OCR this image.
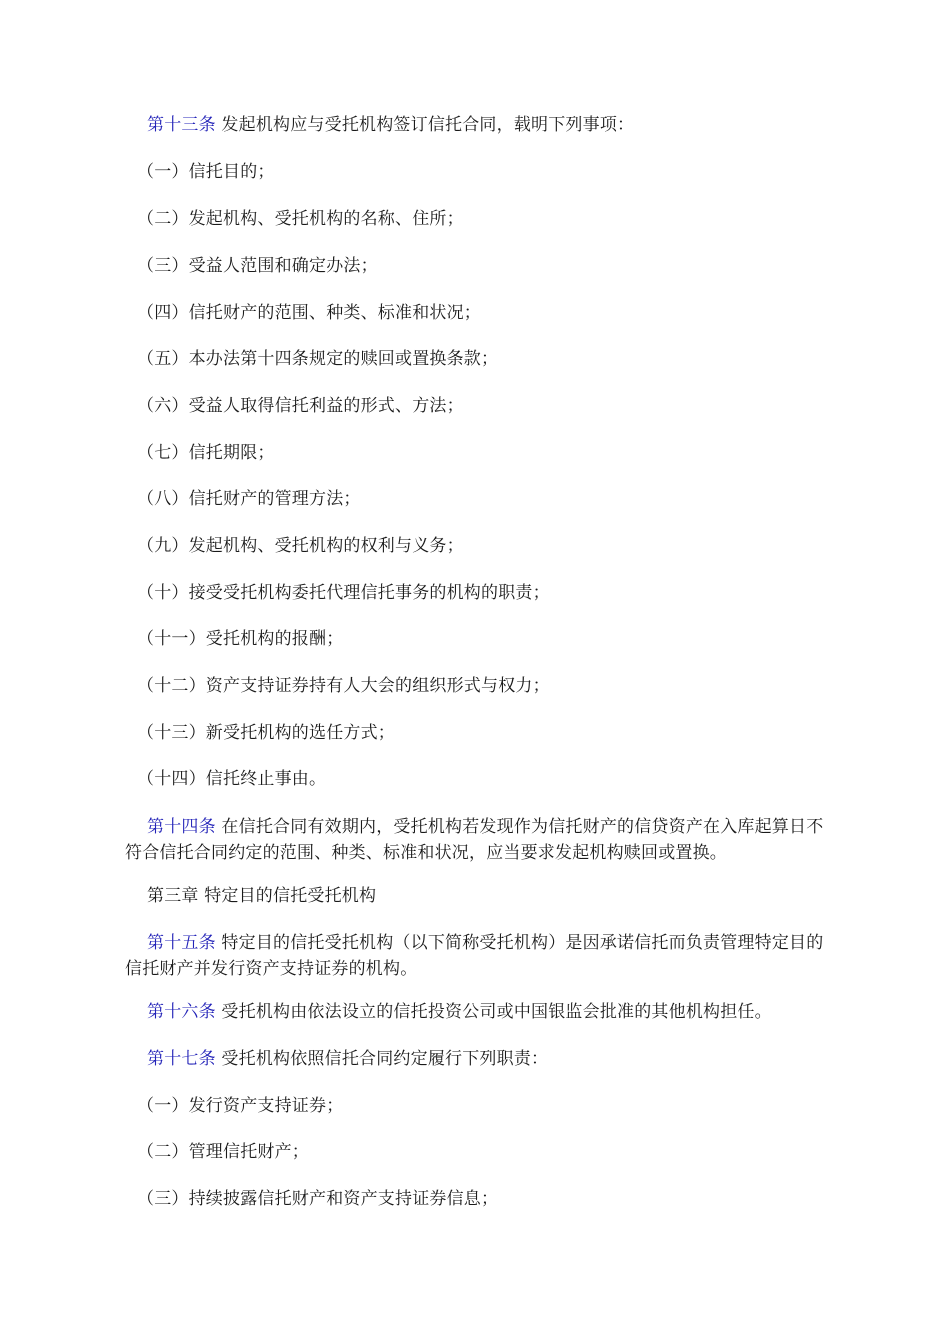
第十三条 发起机构应与受托机构签订信托合同，载明下列事项：
（一）信托目的；
（二）发起机构、受托机构的名称、住所；
（三）受益人范围和确定办法；
（四）信托财产的范围、种类、标准和状况；
（五）本办法第十四条规定的赎回或置换条款；
（六）受益人取得信托利益的形式、方法；
（七）信托期限；
（八）信托财产的管理方法；
（九）发起机构、受托机构的权利与义务；
（十）接受受托机构委托代理信托事务的机构的职责；
（十一）受托机构的报酬；
（十二）资产支持证券持有人大会的组织形式与权力；
（十三）新受托机构的选任方式；
（十四）信托终止事由。
第十四条 在信托合同有效期内，受托机构若发现作为信托财产的信贷资产在入库起算日不符合信托合同约定的范围、种类、标准和状况，应当要求发起机构赎回或置换。
第三章 特定目的信托受托机构
第十五条 特定目的信托受托机构（以下简称受托机构）是因承诺信托而负责管理特定目的信托财产并发行资产支持证券的机构。
第十六条 受托机构由依法设立的信托投资公司或中国银监会批准的其他机构担任。
第十七条 受托机构依照信托合同约定履行下列职责：
（一）发行资产支持证券；
（二）管理信托财产；
（三）持续披露信托财产和资产支持证券信息；
